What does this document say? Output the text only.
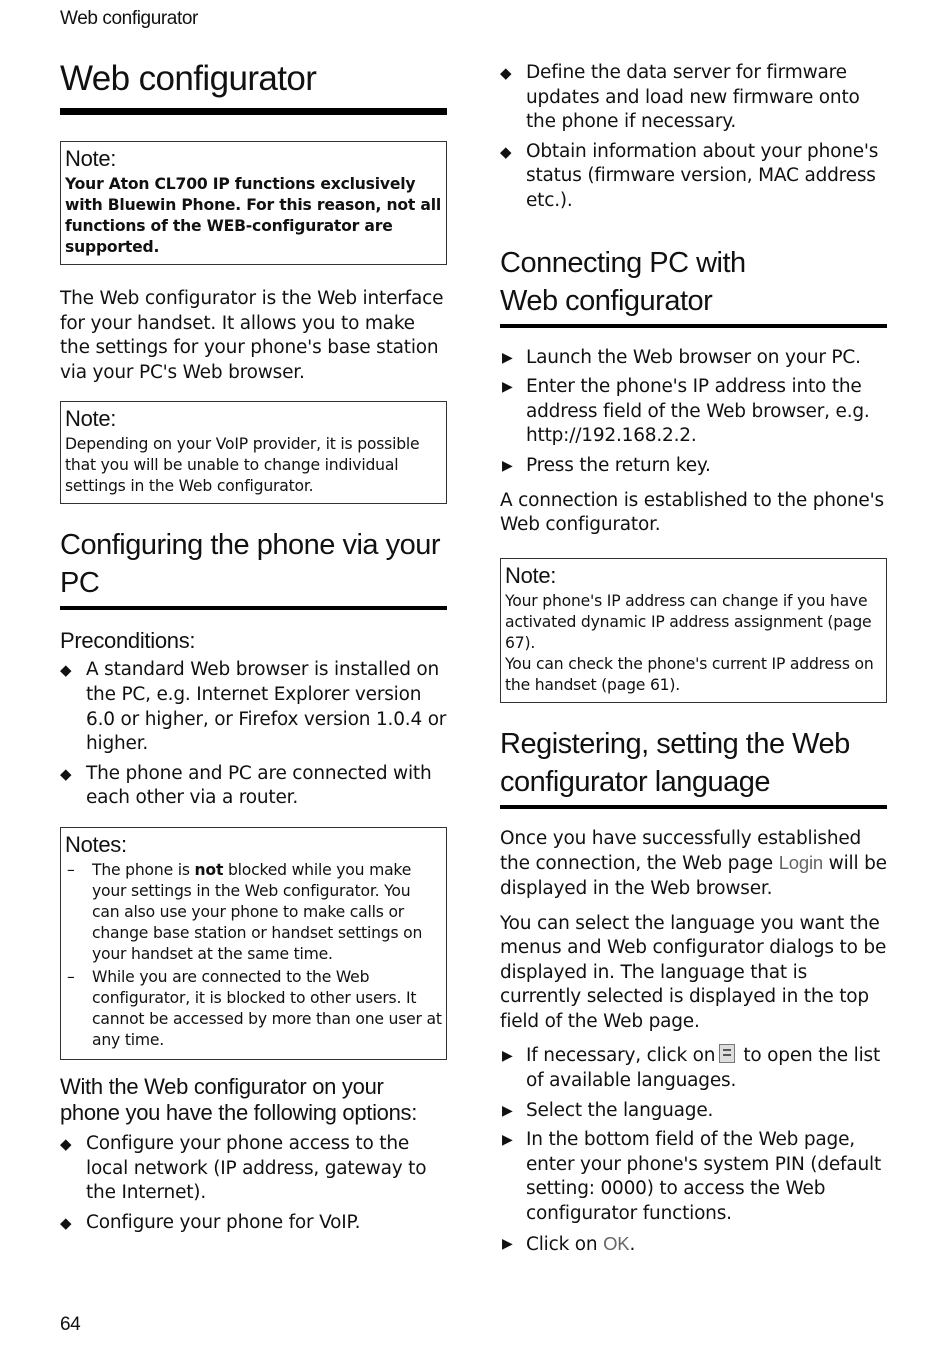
Web configurator
Web configurator
Note:
Your Aton CL700 IP functions exclusively with Bluewin Phone. For this reason, not all functions of the WEB-configurator are supported.

The Web configurator is the Web interface for your handset. It allows you to make the settings for your phone's base station via your PC's Web browser.

Note:
Depending on your VoIP provider, it is possible that you will be unable to change individual settings in the Web configurator.
Configuring the phone via your PC
Preconditions:
◆ A standard Web browser is installed on the PC, e.g. Internet Explorer version 6.0 or higher, or Firefox version 1.0.4 or higher.
◆ The phone and PC are connected with each other via a router.
Notes:
– The phone is not blocked while you make your settings in the Web configurator. You can also use your phone to make calls or change base station or handset settings on your handset at the same time.
– While you are connected to the Web configurator, it is blocked to other users. It cannot be accessed by more than one user at any time.
With the Web configurator on your phone you have the following options:
◆ Configure your phone access to the local network (IP address, gateway to the Internet).
◆ Configure your phone for VoIP.
◆ Define the data server for firmware updates and load new firmware onto the phone if necessary.
◆ Obtain information about your phone's status (firmware version, MAC address etc.).
Connecting PC with Web configurator
▶ Launch the Web browser on your PC.
▶ Enter the phone's IP address into the address field of the Web browser, e.g. http://192.168.2.2.
▶ Press the return key.

A connection is established to the phone's Web configurator.

Note:

Your phone's IP address can change if you have activated dynamic IP address assignment (page 67).

You can check the phone's current IP address on the handset (page 61).

Registering, setting the Web configurator language

Once you have successfully established the connection, the Web page Login will be displayed in the Web browser.

You can select the language you want the menus and Web configurator dialogs to be displayed in. The language that is currently selected is displayed in the top field of the Web page.

▶ If necessary, click on to open the list of available languages.
▶ Select the language.
▶ In the bottom field of the Web page, enter your phone's system PIN (default setting: 0000) to access the Web configurator functions.
▶ Click on OK.
64
